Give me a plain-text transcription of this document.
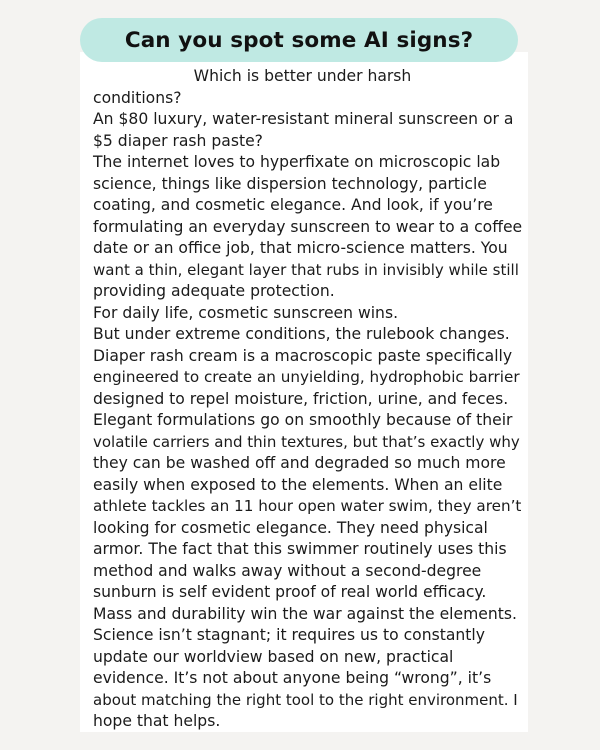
Can you spot some AI signs?
Which is better under harsh
conditions?
An $80 luxury, water-resistant mineral sunscreen or a
$5 diaper rash paste?
The internet loves to hyperfixate on microscopic lab
science, things like dispersion technology, particle
coating, and cosmetic elegance. And look, if you’re
formulating an everyday sunscreen to wear to a coffee
date or an office job, that micro-science matters. You
want a thin, elegant layer that rubs in invisibly while still
providing adequate protection.
For daily life, cosmetic sunscreen wins.
But under extreme conditions, the rulebook changes.
Diaper rash cream is a macroscopic paste specifically
engineered to create an unyielding, hydrophobic barrier
designed to repel moisture, friction, urine, and feces.
Elegant formulations go on smoothly because of their
volatile carriers and thin textures, but that’s exactly why
they can be washed off and degraded so much more
easily when exposed to the elements. When an elite
athlete tackles an 11 hour open water swim, they aren’t
looking for cosmetic elegance. They need physical
armor. The fact that this swimmer routinely uses this
method and walks away without a second-degree
sunburn is self evident proof of real world efficacy.
Mass and durability win the war against the elements.
Science isn’t stagnant; it requires us to constantly
update our worldview based on new, practical
evidence. It’s not about anyone being “wrong”, it’s
about matching the right tool to the right environment. I
hope that helps.
